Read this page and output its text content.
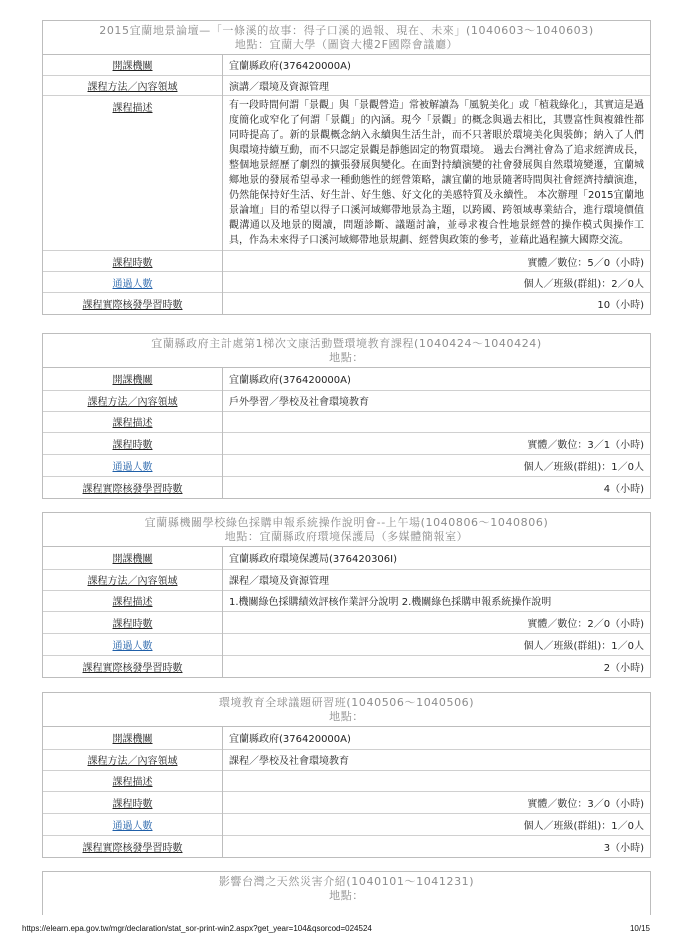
2015宜蘭地景論壇—「一條溪的故事：得子口溪的過報、現在、未來」(1040603～1040603)
地點：宜蘭大學（圖資大樓2F國際會議廳）
開課機關	宜蘭縣政府(376420000A)
課程方法／內容領域	演講／環境及資源管理
課程描述	有一段時間何謂「景觀」與「景觀營造」常被解讀為「風貌美化」或「植栽綠化」，其實這是過度簡化或窄化了何謂「景觀」的內涵。現今「景觀」的概念與過去相比，其豐富性與複雜性都同時提高了。新的景觀概念納入永續與生活生計，而不只著眼於環境美化與裝飾；納入了人們與環境持續互動，而不只認定景觀是靜態固定的物質環境。 過去台灣社會為了追求經濟成長，整個地景經歷了劇烈的擴張發展與變化。在面對持續演變的社會發展與自然環境變遷，宜蘭城鄉地景的發展希望尋求一種動態性的經營策略，讓宜蘭的地景隨著時間與社會經濟持續演進，仍然能保持好生活、好生計、好生態、好文化的美感特質及永續性。 本次辦理「2015宜蘭地景論壇」目的希望以得子口溪河域鄉帶地景為主題，以跨國、跨領域專業結合，進行環境價值觀溝通以及地景的閱讀，問題診斷、議題討論，並尋求複合性地景經營的操作模式與操作工具，作為未來得子口溪河域鄉帶地景規劃、經營與政策的參考，並藉此過程擴大國際交流。
課程時數	實體／數位：5／0（小時)
通過人數	個人／班級(群組)：2／0人
課程實際核發學習時數	10（小時)
宜蘭縣政府主計處第1梯次文康活動暨環境教育課程(1040424～1040424)
地點：
開課機關	宜蘭縣政府(376420000A)
課程方法／內容領域	戶外學習／學校及社會環境教育
課程描述	
課程時數	實體／數位：3／1（小時)
通過人數	個人／班級(群組)：1／0人
課程實際核發學習時數	4（小時)
宜蘭縣機關學校綠色採購申報系統操作說明會--上午場(1040806～1040806)
地點：宜蘭縣政府環境保護局（多媒體簡報室）
開課機關	宜蘭縣政府環境保護局(376420306I)
課程方法／內容領域	課程／環境及資源管理
課程描述	1.機關綠色採購績效評核作業評分說明 2.機關綠色採購申報系統操作說明
課程時數	實體／數位：2／0（小時)
通過人數	個人／班級(群組)：1／0人
課程實際核發學習時數	2（小時)
環境教育全球議題研習班(1040506～1040506)
地點：
開課機關	宜蘭縣政府(376420000A)
課程方法／內容領域	課程／學校及社會環境教育
課程描述	
課程時數	實體／數位：3／0（小時)
通過人數	個人／班級(群組)：1／0人
課程實際核發學習時數	3（小時)
影響台灣之天然災害介紹(1040101～1041231)
地點：
https://elearn.epa.gov.tw/mgr/declaration/stat_sor-print-win2.aspx?get_year=104&qsorcod=024524	10/15
